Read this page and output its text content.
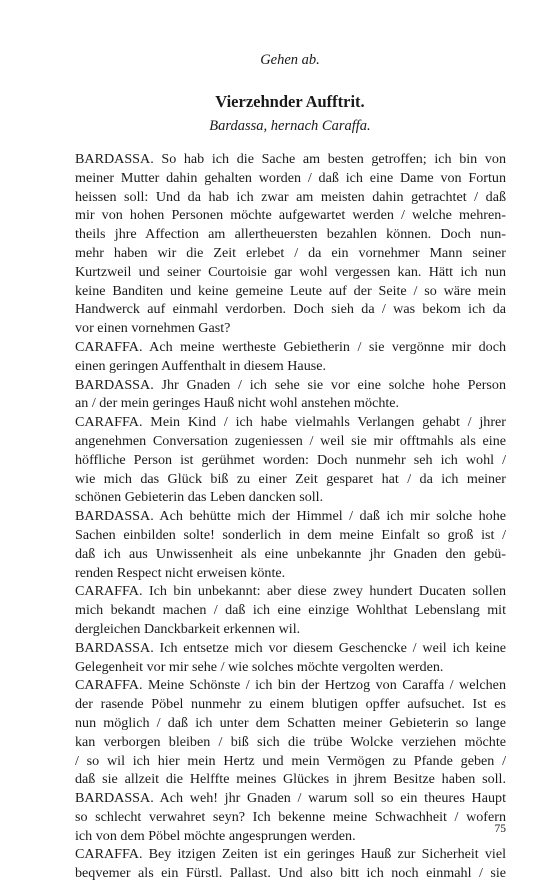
Gehen ab.
Vierzehnder Aufftrit.
Bardassa, hernach Caraffa.
BARDASSA. So hab ich die Sache am besten getroffen; ich bin von
meiner Mutter dahin gehalten worden / daß ich eine Dame von Fortun
heissen soll: Und da hab ich zwar am meisten dahin getrachtet / daß
mir von hohen Personen möchte aufgewartet werden / welche mehren-
theils jhre Affection am allertheuersten bezahlen können. Doch nun-
mehr haben wir die Zeit erlebet / da ein vornehmer Mann seiner
Kurtzweil und seiner Courtoisie gar wohl vergessen kan. Hätt ich nun
keine Banditen und keine gemeine Leute auf der Seite / so wäre mein
Handwerck auf einmahl verdorben. Doch sieh da / was bekom ich da
vor einen vornehmen Gast?
CARAFFA. Ach meine wertheste Gebietherin / sie vergönne mir doch
einen geringen Auffenthalt in diesem Hause.
BARDASSA. Jhr Gnaden / ich sehe sie vor eine solche hohe Person
an / der mein geringes Hauß nicht wohl anstehen möchte.
CARAFFA. Mein Kind / ich habe vielmahls Verlangen gehabt / jhrer
angenehmen Conversation zugeniessen / weil sie mir offtmahls als eine
höffliche Person ist gerühmet worden: Doch nunmehr seh ich wohl /
wie mich das Glück biß zu einer Zeit gesparet hat / da ich meiner
schönen Gebieterin das Leben dancken soll.
BARDASSA. Ach behütte mich der Himmel / daß ich mir solche hohe
Sachen einbilden solte! sonderlich in dem meine Einfalt so groß ist /
daß ich aus Unwissenheit als eine unbekannte jhr Gnaden den gebü-
renden Respect nicht erweisen könte.
CARAFFA. Ich bin unbekannt: aber diese zwey hundert Ducaten sollen
mich bekandt machen / daß ich eine einzige Wohlthat Lebenslang mit
dergleichen Danckbarkeit erkennen wil.
BARDASSA. Ich entsetze mich vor diesem Geschencke / weil ich keine
Gelegenheit vor mir sehe / wie solches möchte vergolten werden.
CARAFFA. Meine Schönste / ich bin der Hertzog von Caraffa / welchen
der rasende Pöbel nunmehr zu einem blutigen opffer aufsuchet. Ist es
nun möglich / daß ich unter dem Schatten meiner Gebieterin so lange
kan verborgen bleiben / biß sich die trübe Wolcke verziehen möchte
/ so wil ich hier mein Hertz und mein Vermögen zu Pfande geben /
daß sie allzeit die Helffte meines Glückes in jhrem Besitze haben soll.
BARDASSA. Ach weh! jhr Gnaden / warum soll so ein theures Haupt
so schlecht verwahret seyn? Ich bekenne meine Schwachheit / wofern
ich von dem Pöbel möchte angesprungen werden.
CARAFFA. Bey itzigen Zeiten ist ein geringes Hauß zur Sicherheit viel
beqvemer als ein Fürstl. Pallast. Und also bitt ich noch einmahl / sie
75
